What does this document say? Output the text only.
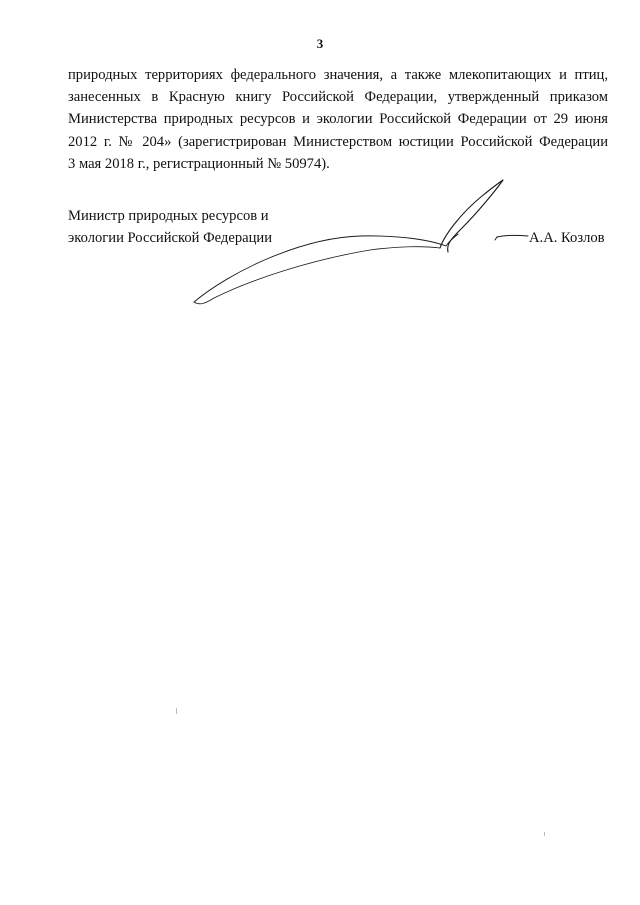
3
природных территориях федерального значения, а также млекопитающих и птиц,
занесенных в Красную книгу Российской Федерации, утвержденный приказом
Министерства природных ресурсов и экологии Российской Федерации от 29 июня
2012 г. № 204» (зарегистрирован Министерством юстиции Российской Федерации
3 мая 2018 г., регистрационный № 50974).
Министр природных ресурсов и
экологии Российской Федерации	А.А. Козлов
